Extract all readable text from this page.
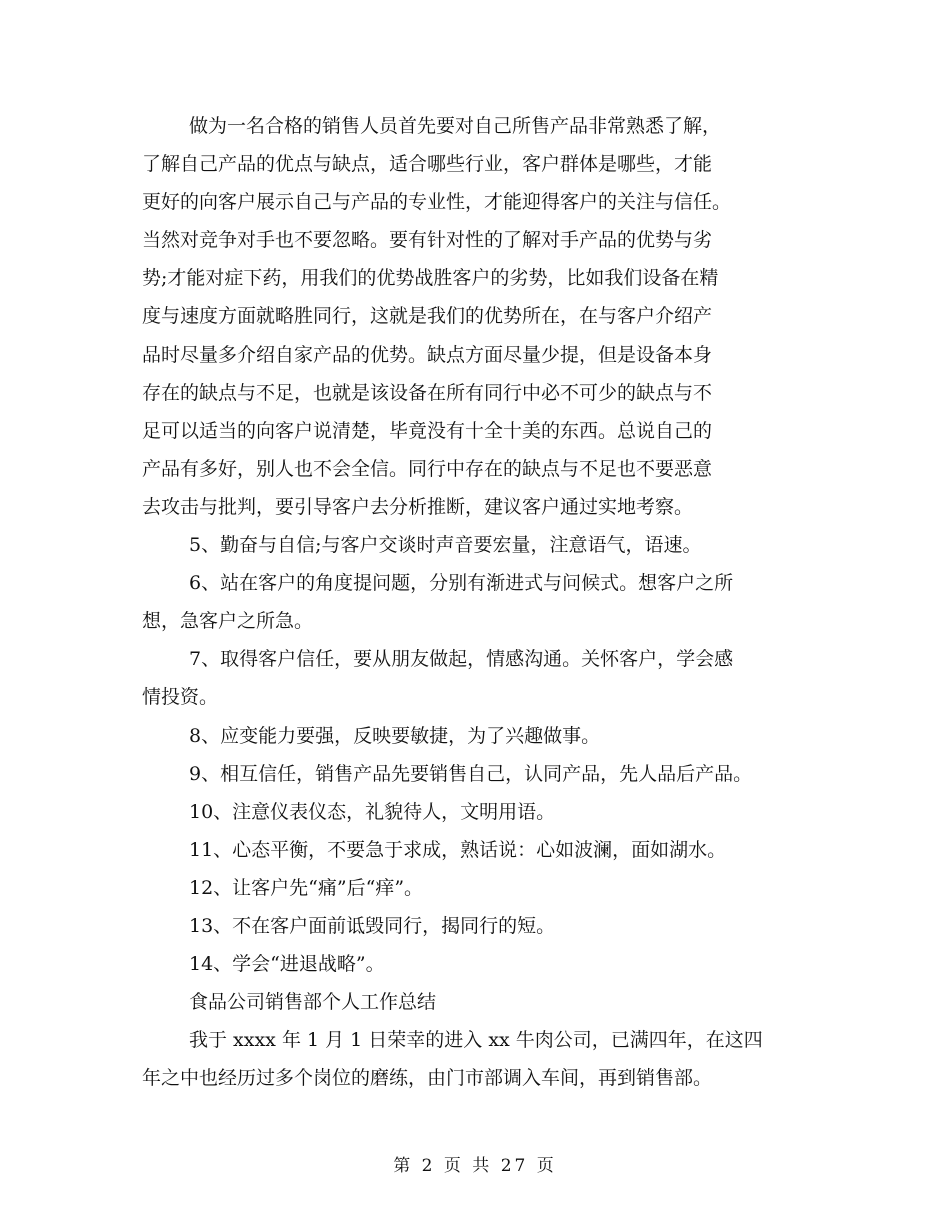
做为一名合格的销售人员首先要对自己所售产品非常熟悉了解，
了解自己产品的优点与缺点，适合哪些行业，客户群体是哪些，才能
更好的向客户展示自己与产品的专业性，才能迎得客户的关注与信任。
当然对竞争对手也不要忽略。要有针对性的了解对手产品的优势与劣
势;才能对症下药，用我们的优势战胜客户的劣势，比如我们设备在精
度与速度方面就略胜同行，这就是我们的优势所在，在与客户介绍产
品时尽量多介绍自家产品的优势。缺点方面尽量少提，但是设备本身
存在的缺点与不足，也就是该设备在所有同行中必不可少的缺点与不
足可以适当的向客户说清楚，毕竟没有十全十美的东西。总说自己的
产品有多好，别人也不会全信。同行中存在的缺点与不足也不要恶意
去攻击与批判，要引导客户去分析推断，建议客户通过实地考察。
5、勤奋与自信;与客户交谈时声音要宏量，注意语气，语速。
6、站在客户的角度提问题，分别有渐进式与问候式。想客户之所
想，急客户之所急。
7、取得客户信任，要从朋友做起，情感沟通。关怀客户，学会感
情投资。
8、应变能力要强，反映要敏捷，为了兴趣做事。
9、相互信任，销售产品先要销售自己，认同产品，先人品后产品。
10、注意仪表仪态，礼貌待人，文明用语。
11、心态平衡，不要急于求成，熟话说：心如波澜，面如湖水。
12、让客户先“痛”后“痒”。
13、不在客户面前诋毁同行，揭同行的短。
14、学会“进退战略”。
食品公司销售部个人工作总结
我于 xxxx 年 1 月 1 日荣幸的进入 xx 牛肉公司，已满四年，在这四
年之中也经历过多个岗位的磨练，由门市部调入车间，再到销售部。
第 2 页 共 27 页
